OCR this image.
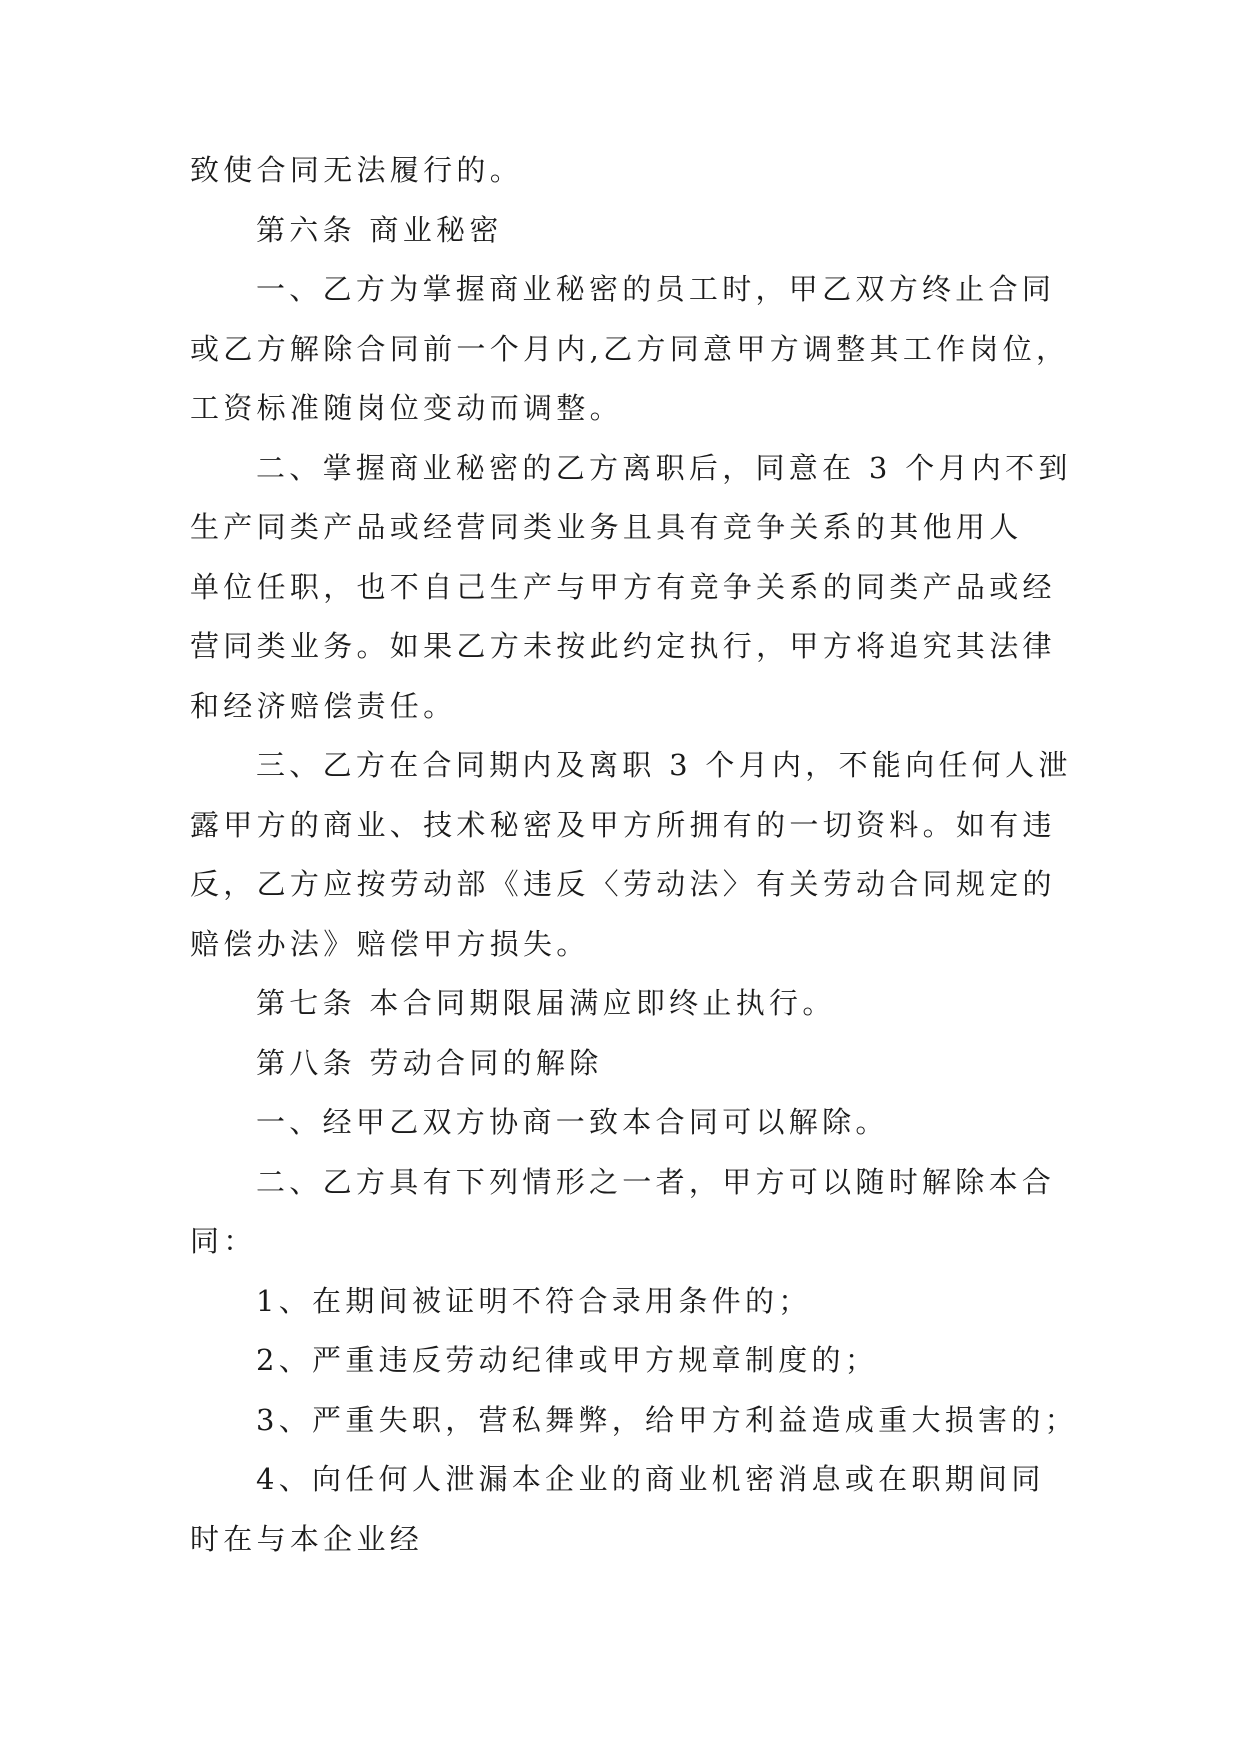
致使合同无法履行的。
第六条 商业秘密
一、乙方为掌握商业秘密的员工时，甲乙双方终止合同
或乙方解除合同前一个月内,乙方同意甲方调整其工作岗位，
工资标准随岗位变动而调整。
二、掌握商业秘密的乙方离职后，同意在 3 个月内不到
生产同类产品或经营同类业务且具有竞争关系的其他用人
单位任职，也不自己生产与甲方有竞争关系的同类产品或经
营同类业务。如果乙方未按此约定执行，甲方将追究其法律
和经济赔偿责任。
三、乙方在合同期内及离职 3 个月内，不能向任何人泄
露甲方的商业、技术秘密及甲方所拥有的一切资料。如有违
反，乙方应按劳动部《违反〈劳动法〉有关劳动合同规定的
赔偿办法》赔偿甲方损失。
第七条 本合同期限届满应即终止执行。
第八条 劳动合同的解除
一、经甲乙双方协商一致本合同可以解除。
二、乙方具有下列情形之一者，甲方可以随时解除本合
同：
1、在期间被证明不符合录用条件的；
2、严重违反劳动纪律或甲方规章制度的；
3、严重失职，营私舞弊，给甲方利益造成重大损害的；
4、向任何人泄漏本企业的商业机密消息或在职期间同
时在与本企业经
